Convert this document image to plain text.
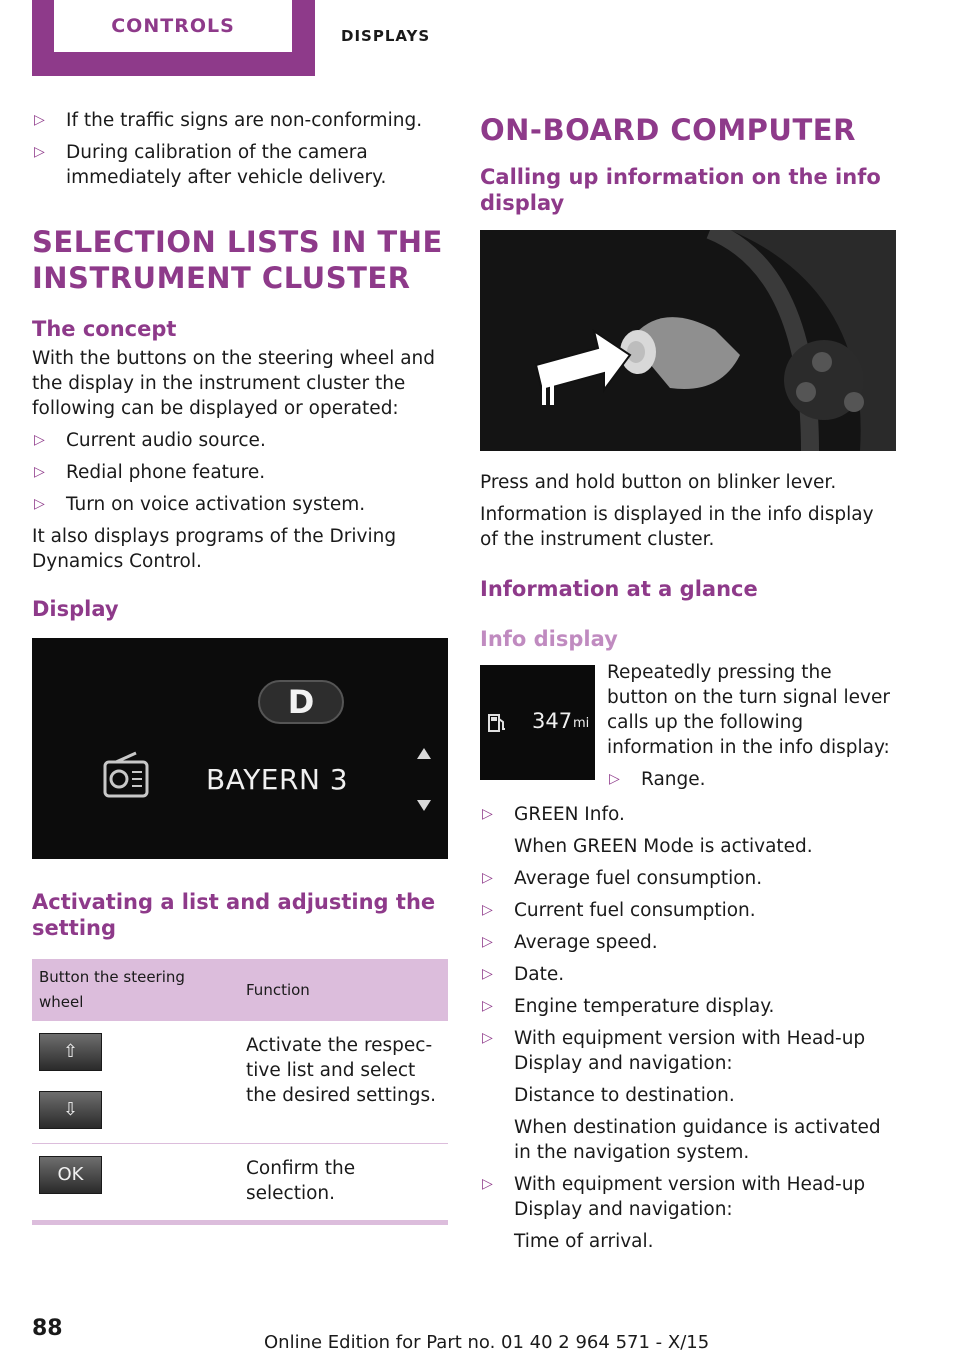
CONTROLS	DISPLAYS
▷ If the traffic signs are non-conforming.
▷ During calibration of the camera immediately after vehicle delivery.
SELECTION LISTS IN THE INSTRUMENT CLUSTER
The concept
With the buttons on the steering wheel and the display in the instrument cluster the following can be displayed or operated:
▷ Current audio source.
▷ Redial phone feature.
▷ Turn on voice activation system.
It also displays programs of the Driving Dynamics Control.
Display
D
BAYERN 3
Activating a list and adjusting the setting
Button the steering wheel	Function

⇧
⇩	Activate the respective list and select the desired settings.

OK	Confirm the selection.
ON-BOARD COMPUTER
Calling up information on the info display
Press and hold button on blinker lever.
Information is displayed in the info display of the instrument cluster.
Information at a glance
Info display
347 mi
Repeatedly pressing the button on the turn signal lever calls up the following information in the info display:
▷ Range.
▷ GREEN Info.
When GREEN Mode is activated.
▷ Average fuel consumption.
▷ Current fuel consumption.
▷ Average speed.
▷ Date.
▷ Engine temperature display.
▷ With equipment version with Head-up Display and navigation:
Distance to destination.
When destination guidance is activated in the navigation system.
▷ With equipment version with Head-up Display and navigation:
Time of arrival.
88
Online Edition for Part no. 01 40 2 964 571 - X/15
